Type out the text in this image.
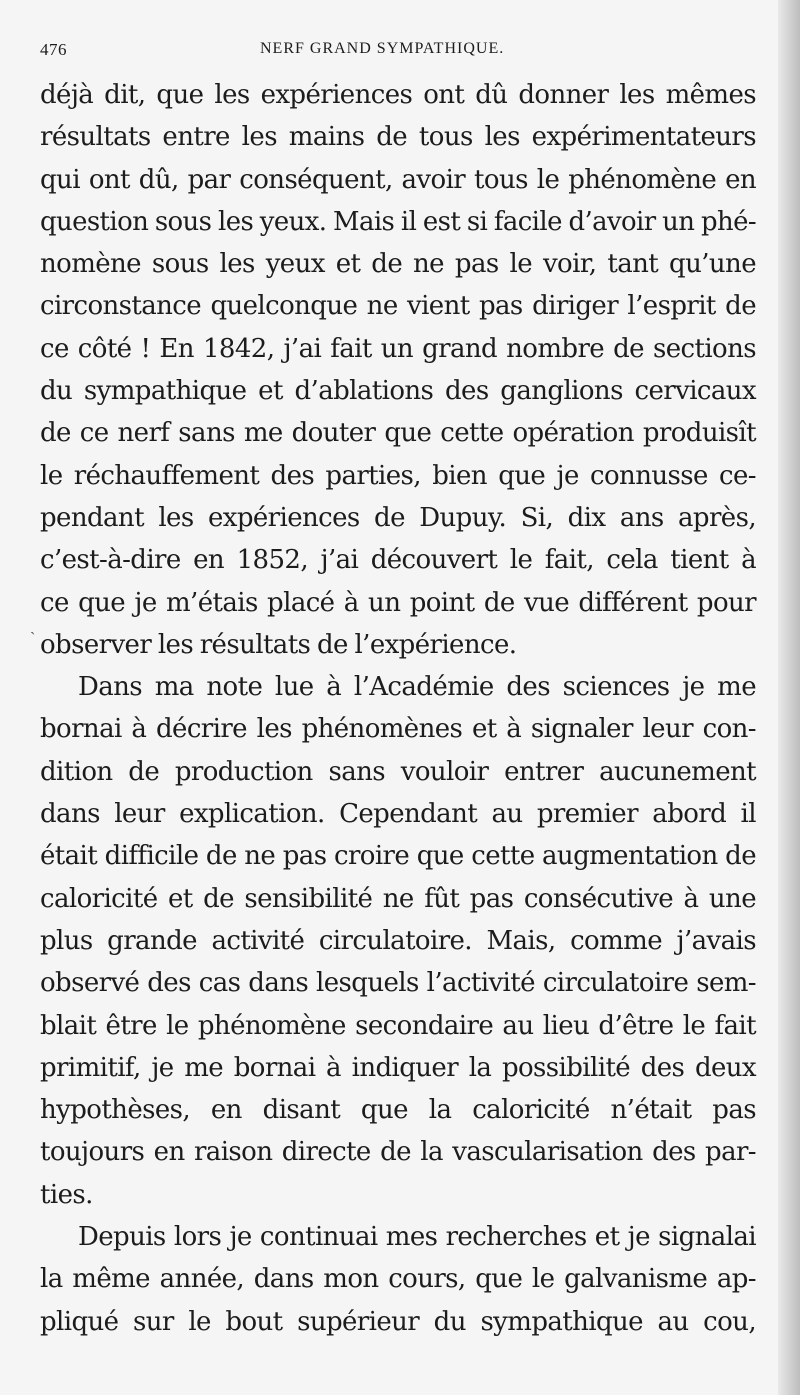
476	NERF GRAND SYMPATHIQUE.
ˏ
déjà dit, que les expériences ont dû donner les mêmes
résultats entre les mains de tous les expérimentateurs
qui ont dû, par conséquent, avoir tous le phénomène en
question sous les yeux. Mais il est si facile d’avoir un phé-
nomène sous les yeux et de ne pas le voir, tant qu’une
circonstance quelconque ne vient pas diriger l’esprit de
ce côté ! En 1842, j’ai fait un grand nombre de sections
du sympathique et d’ablations des ganglions cervicaux
de ce nerf sans me douter que cette opération produisît
le réchauffement des parties, bien que je connusse ce-
pendant les expériences de Dupuy. Si, dix ans après,
c’est-à-dire en 1852, j’ai découvert le fait, cela tient à
ce que je m’étais placé à un point de vue différent pour
observer les résultats de l’expérience.
Dans ma note lue à l’Académie des sciences je me
bornai à décrire les phénomènes et à signaler leur con-
dition de production sans vouloir entrer aucunement
dans leur explication. Cependant au premier abord il
était difficile de ne pas croire que cette augmentation de
caloricité et de sensibilité ne fût pas consécutive à une
plus grande activité circulatoire. Mais, comme j’avais
observé des cas dans lesquels l’activité circulatoire sem-
blait être le phénomène secondaire au lieu d’être le fait
primitif, je me bornai à indiquer la possibilité des deux
hypothèses, en disant que la caloricité n’était pas
toujours en raison directe de la vascularisation des par-
ties.
Depuis lors je continuai mes recherches et je signalai
la même année, dans mon cours, que le galvanisme ap-
pliqué sur le bout supérieur du sympathique au cou,
